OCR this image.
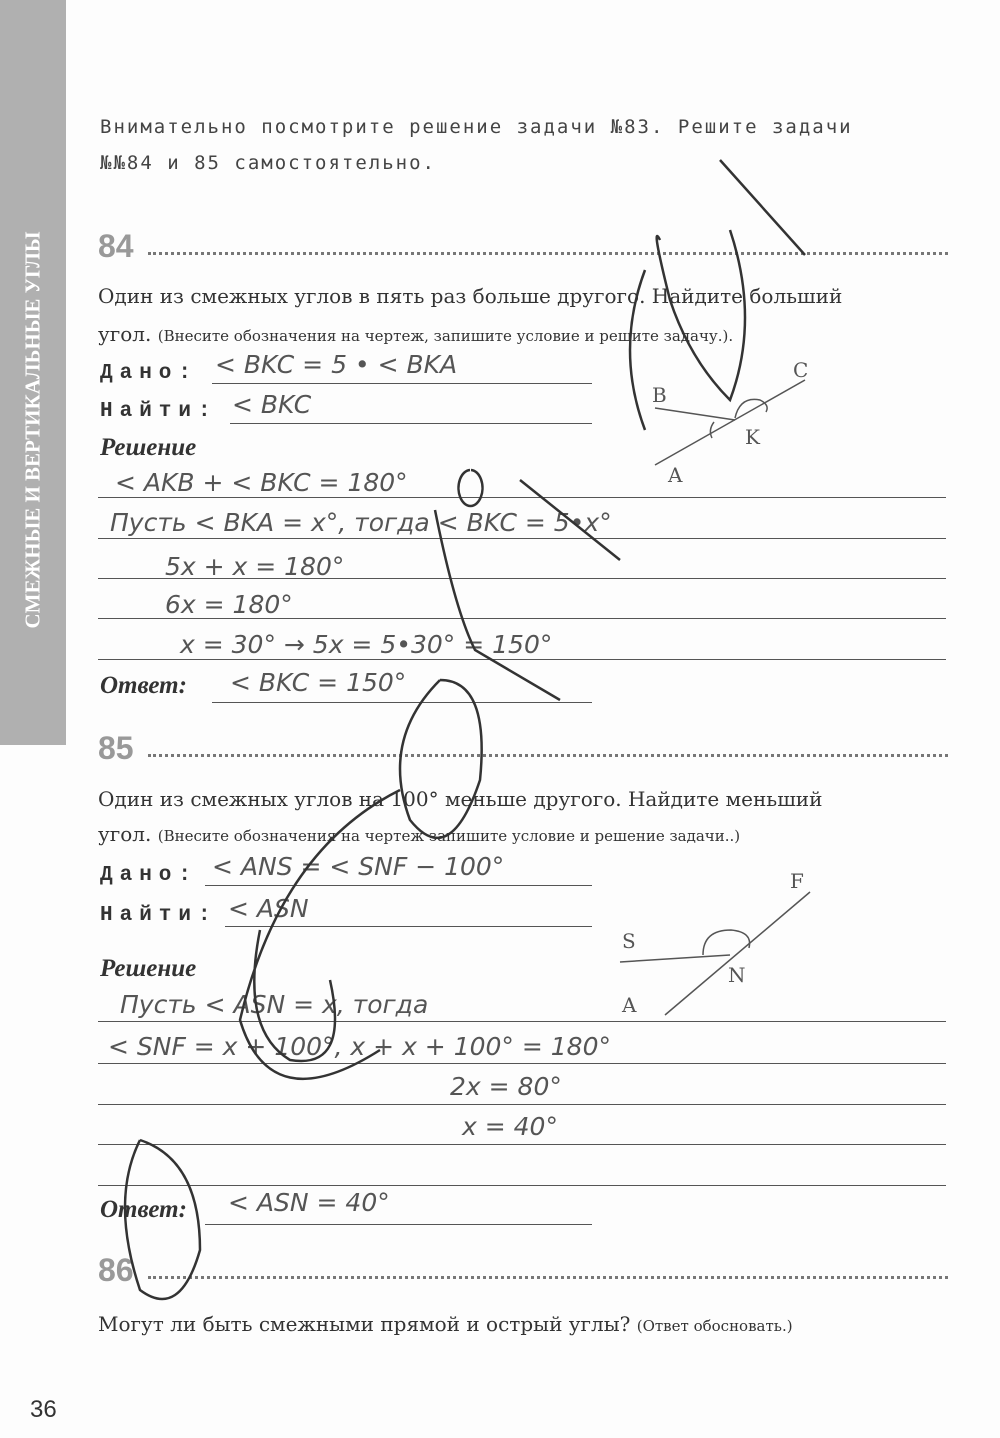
СМЕЖНЫЕ И ВЕРТИКАЛЬНЫЕ УГЛЫ
Внимательно посмотрите решение задачи №83. Решите задачи
№№84 и 85 самостоятельно.
84
Один из смежных углов в пять раз больше другого. Найдите больший
угол. (Внесите обозначения на чертеж, запишите условие и решите задачу.).
Дано: < BKC = 5 • < BKA
Найти: < BKC
Решение
< AKB + < BKC = 180°
Пусть < BKA = x°, тогда < BKC = 5•x°
5x + x = 180°
6x = 180°
x = 30° → 5x = 5•30° = 150°
Ответ: < BKC = 150°
85
Один из смежных углов на 100° меньше другого. Найдите меньший
угол. (Внесите обозначения на чертеж запишите условие и решение задачи..)
Дано: < ANS = < SNF − 100°
Найти: < ASN
Решение
Пусть < ASN = x, тогда
< SNF = x + 100°, x + x + 100° = 180°
2x = 80°
x = 40°
Ответ: < ASN = 40°
86
Могут ли быть смежными прямой и острый углы? (Ответ обосновать.)
36
B
C
A
K
S
F
A
N
